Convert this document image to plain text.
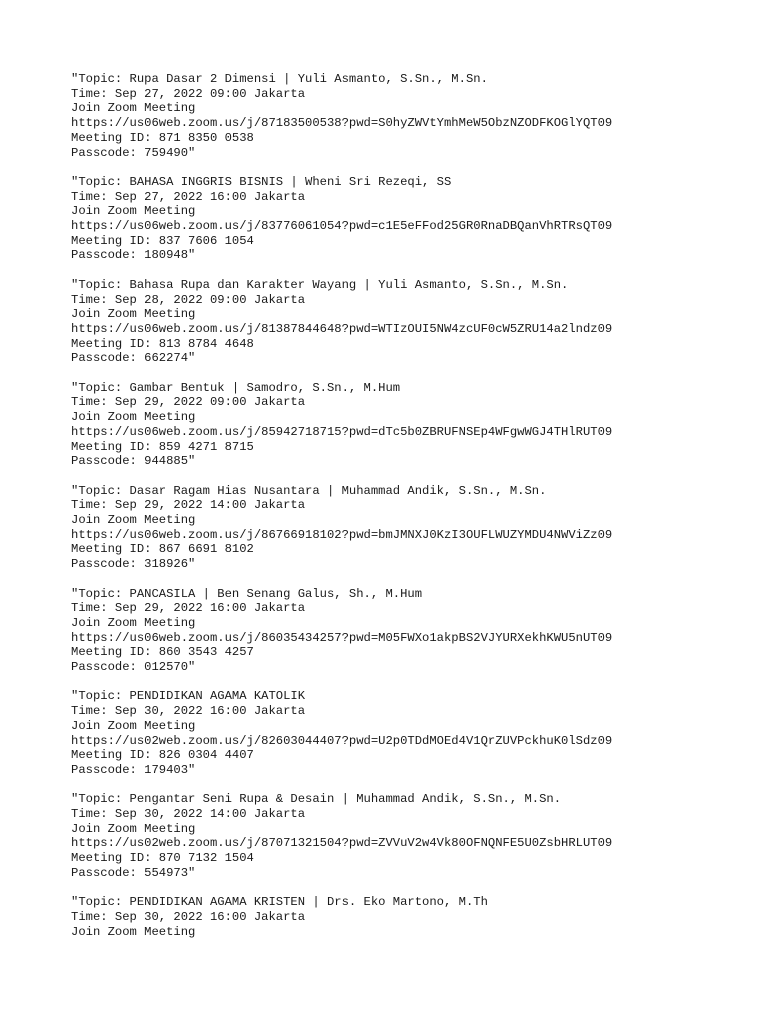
"Topic: Rupa Dasar 2 Dimensi | Yuli Asmanto, S.Sn., M.Sn.
Time: Sep 27, 2022 09:00 Jakarta
Join Zoom Meeting
https://us06web.zoom.us/j/87183500538?pwd=S0hyZWVtYmhMeW5ObzNZODFKOGlYQT09
Meeting ID: 871 8350 0538
Passcode: 759490"
"Topic: BAHASA INGGRIS BISNIS | Wheni Sri Rezeqi, SS
Time: Sep 27, 2022 16:00 Jakarta
Join Zoom Meeting
https://us06web.zoom.us/j/83776061054?pwd=c1E5eFFod25GR0RnaDBQanVhRTRsQT09
Meeting ID: 837 7606 1054
Passcode: 180948"
"Topic: Bahasa Rupa dan Karakter Wayang | Yuli Asmanto, S.Sn., M.Sn.
Time: Sep 28, 2022 09:00 Jakarta
Join Zoom Meeting
https://us06web.zoom.us/j/81387844648?pwd=WTIzOUI5NW4zcUF0cW5ZRU14a2lndz09
Meeting ID: 813 8784 4648
Passcode: 662274"
"Topic: Gambar Bentuk | Samodro, S.Sn., M.Hum
Time: Sep 29, 2022 09:00 Jakarta
Join Zoom Meeting
https://us06web.zoom.us/j/85942718715?pwd=dTc5b0ZBRUFNSEp4WFgwWGJ4THlRUT09
Meeting ID: 859 4271 8715
Passcode: 944885"
"Topic: Dasar Ragam Hias Nusantara | Muhammad Andik, S.Sn., M.Sn.
Time: Sep 29, 2022 14:00 Jakarta
Join Zoom Meeting
https://us06web.zoom.us/j/86766918102?pwd=bmJMNXJ0KzI3OUFLWUZYMDU4NWViZz09
Meeting ID: 867 6691 8102
Passcode: 318926"
"Topic: PANCASILA | Ben Senang Galus, Sh., M.Hum
Time: Sep 29, 2022 16:00 Jakarta
Join Zoom Meeting
https://us06web.zoom.us/j/86035434257?pwd=M05FWXo1akpBS2VJYURXekhKWU5nUT09
Meeting ID: 860 3543 4257
Passcode: 012570"
"Topic: PENDIDIKAN AGAMA KATOLIK
Time: Sep 30, 2022 16:00 Jakarta
Join Zoom Meeting
https://us02web.zoom.us/j/82603044407?pwd=U2p0TDdMOEd4V1QrZUVPckhuK0lSdz09
Meeting ID: 826 0304 4407
Passcode: 179403"
"Topic: Pengantar Seni Rupa & Desain | Muhammad Andik, S.Sn., M.Sn.
Time: Sep 30, 2022 14:00 Jakarta
Join Zoom Meeting
https://us02web.zoom.us/j/87071321504?pwd=ZVVuV2w4Vk80OFNQNFE5U0ZsbHRLUT09
Meeting ID: 870 7132 1504
Passcode: 554973"
"Topic: PENDIDIKAN AGAMA KRISTEN | Drs. Eko Martono, M.Th
Time: Sep 30, 2022 16:00 Jakarta
Join Zoom Meeting
